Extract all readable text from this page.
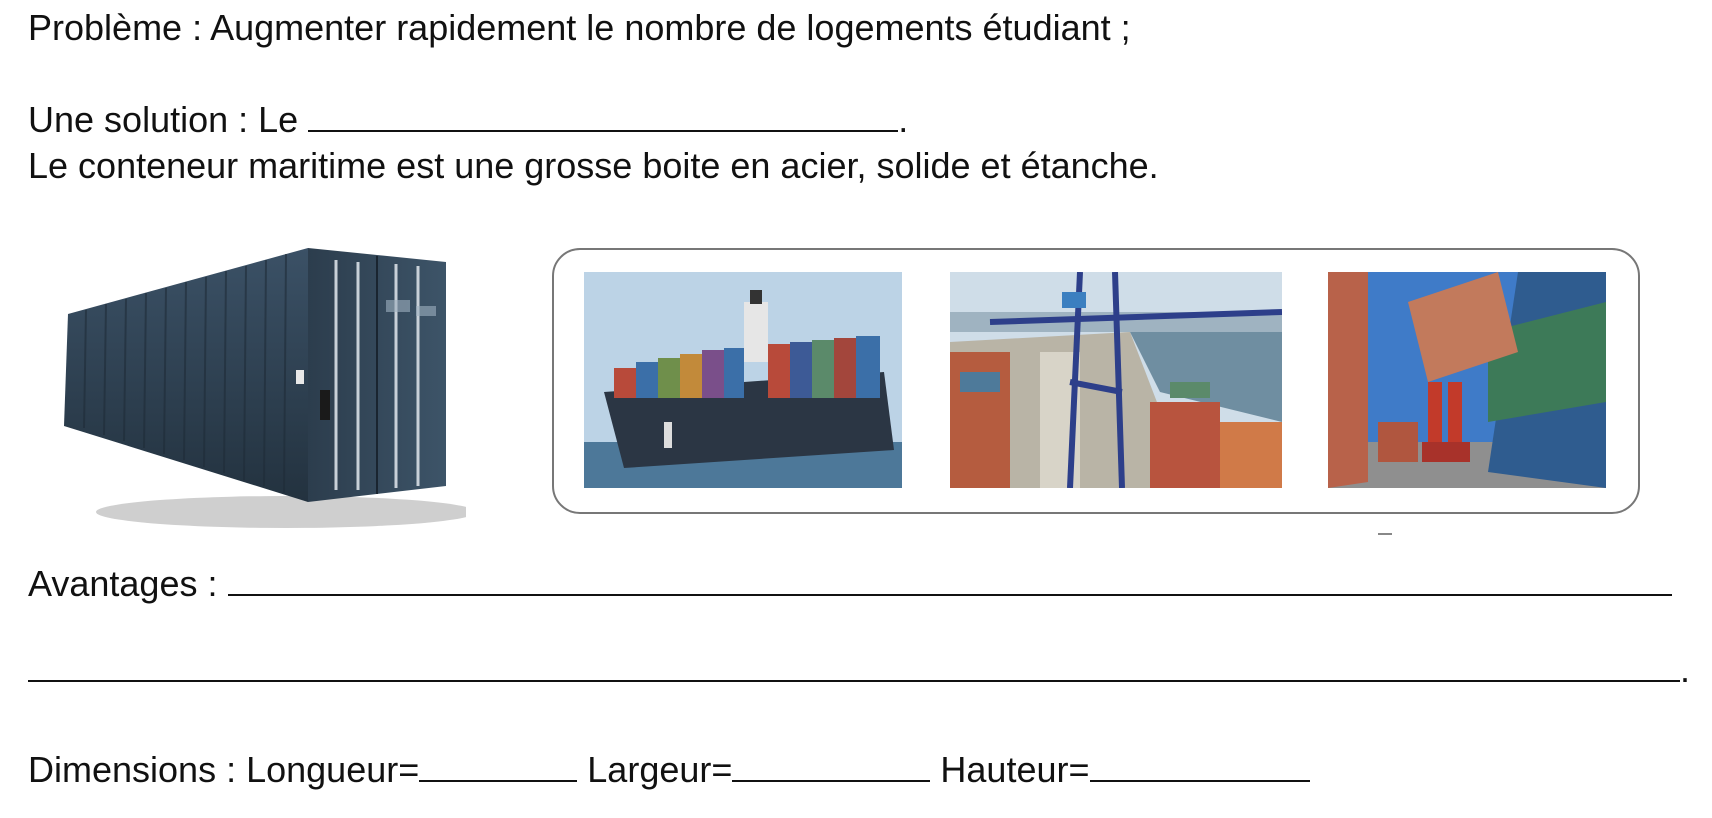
Problème : Augmenter rapidement le nombre de logements étudiant ;
Une solution : Le	.
Le conteneur maritime est une grosse boite en acier, solide et étanche.
Avantages :
.
Dimensions : Longueur=	Largeur=	Hauteur=
